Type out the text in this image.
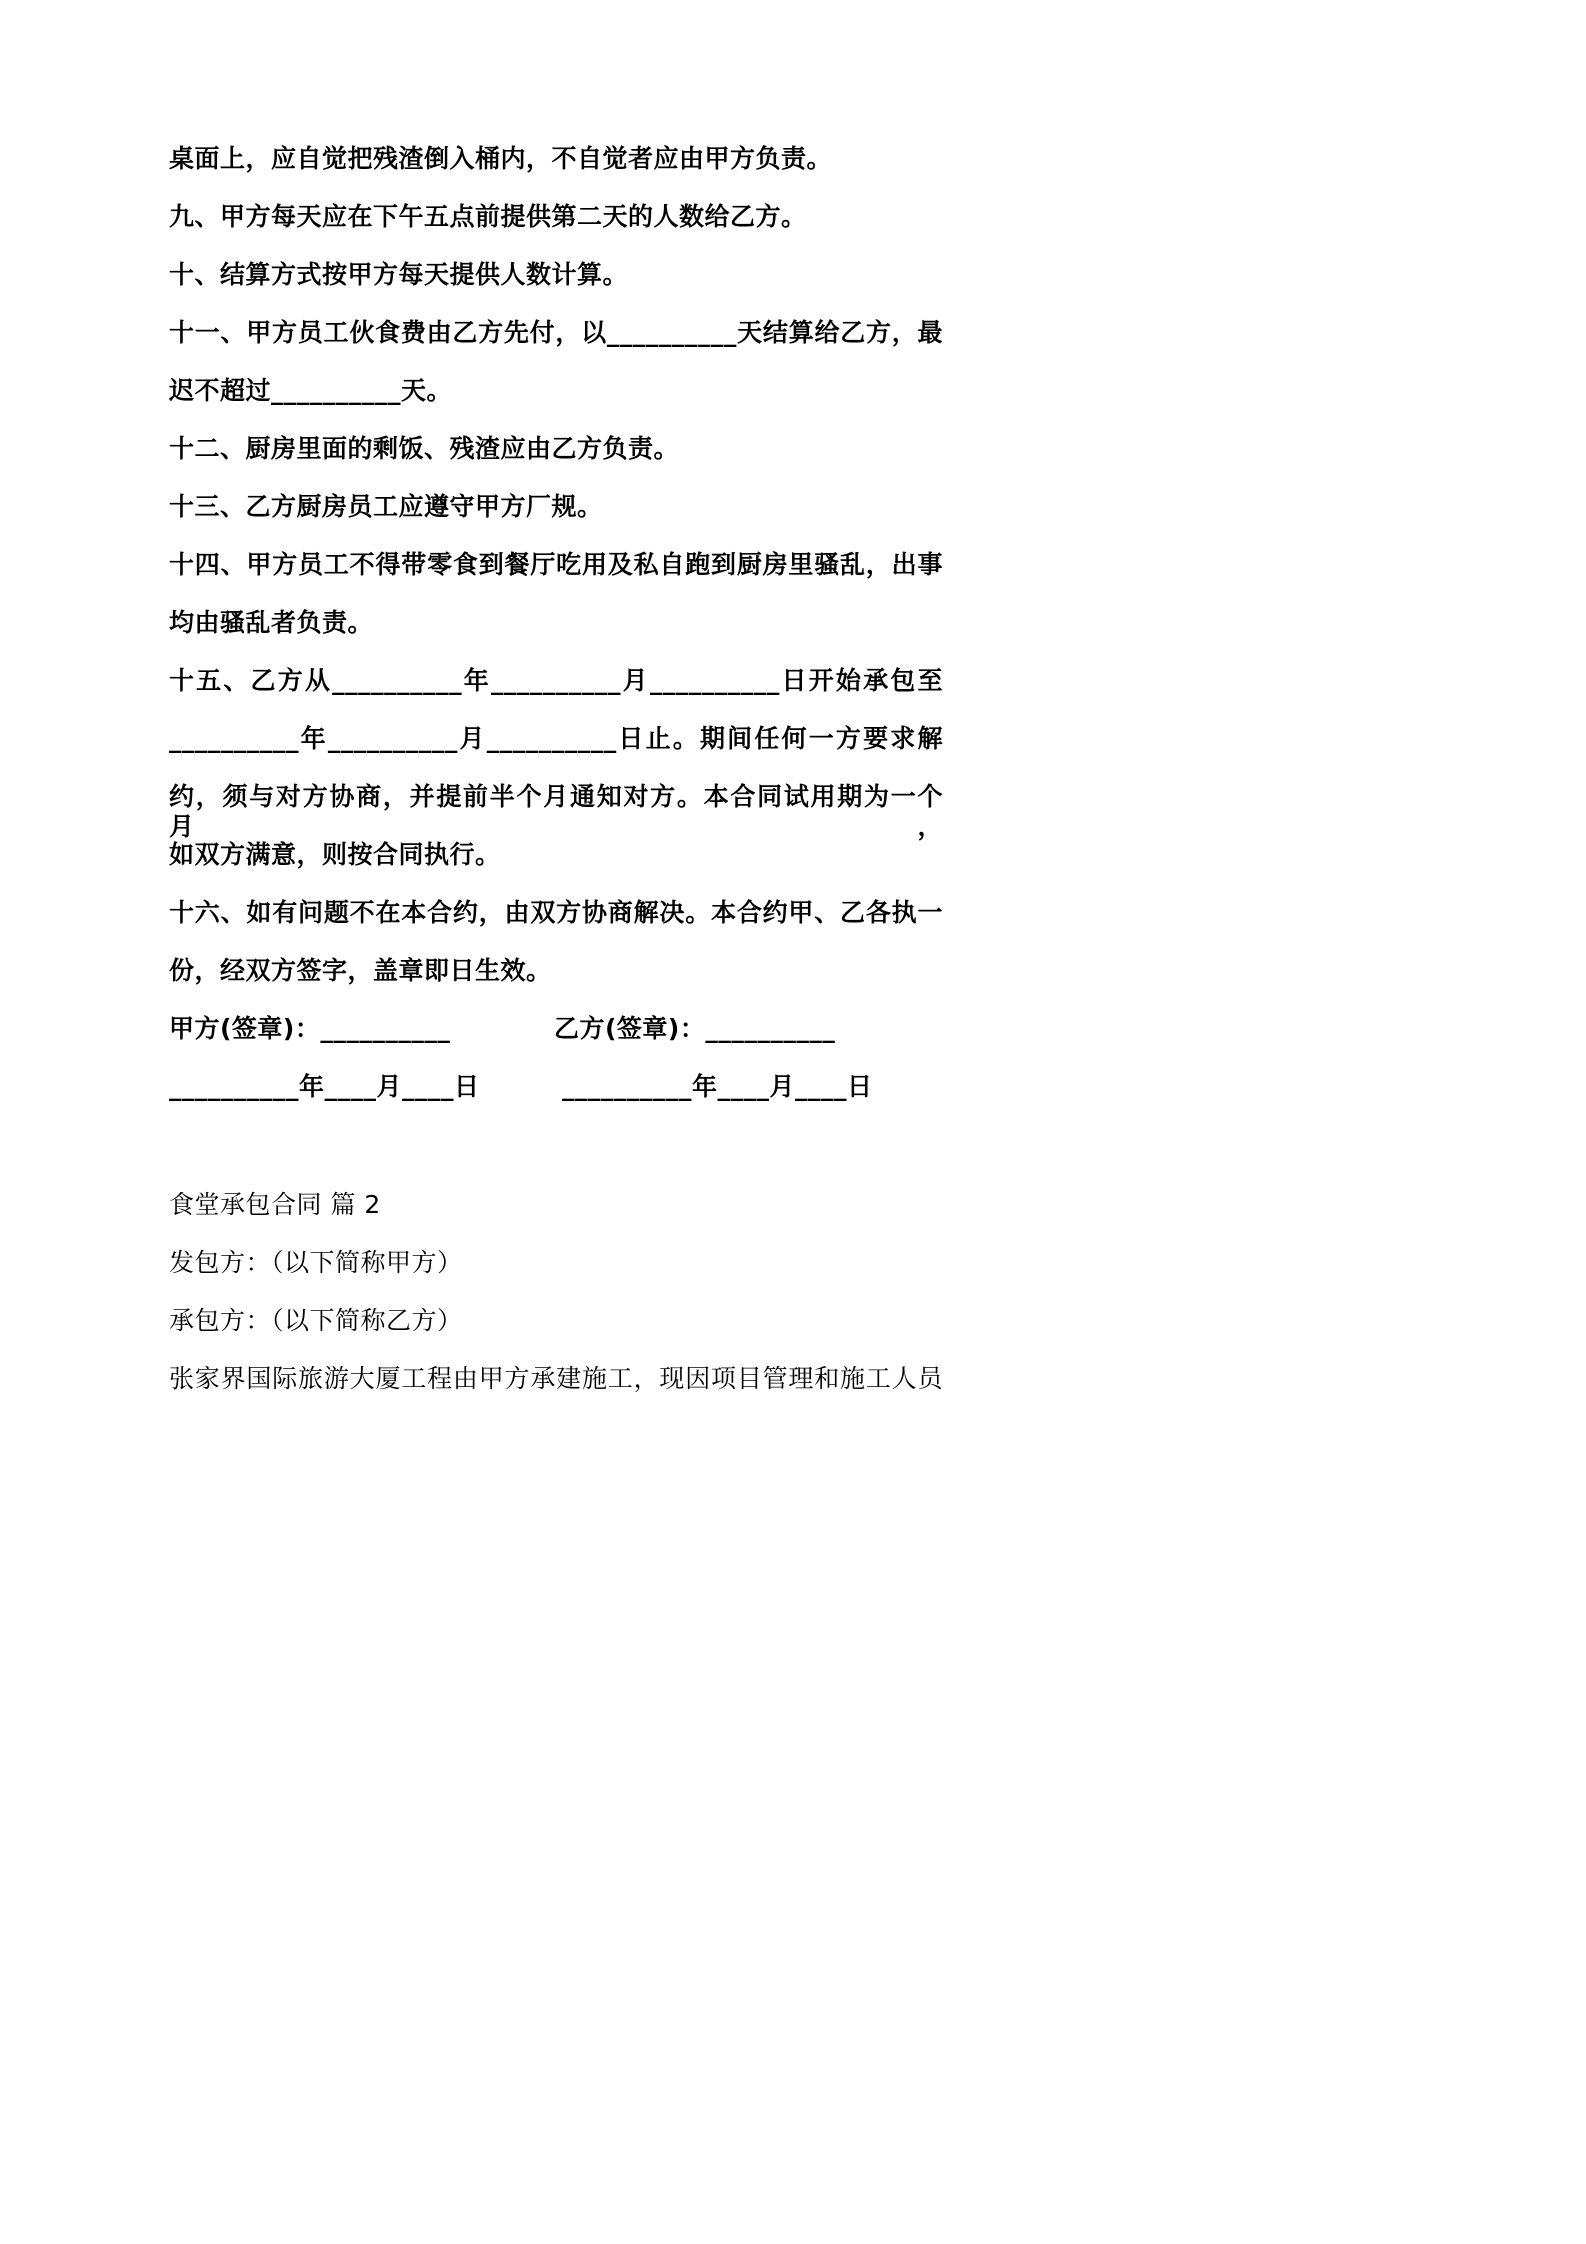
桌面上，应自觉把残渣倒入桶内，不自觉者应由甲方负责。
九、甲方每天应在下午五点前提供第二天的人数给乙方。
十、结算方式按甲方每天提供人数计算。
十一、甲方员工伙食费由乙方先付，以__________天结算给乙方，最
迟不超过__________天。
十二、厨房里面的剩饭、残渣应由乙方负责。
十三、乙方厨房员工应遵守甲方厂规。
十四、甲方员工不得带零食到餐厅吃用及私自跑到厨房里骚乱，出事
均由骚乱者负责。
十五、乙方从__________年__________月__________日开始承包至
__________年__________月__________日止。期间任何一方要求解
约，须与对方协商，并提前半个月通知对方。本合同试用期为一个月，
如双方满意，则按合同执行。
十六、如有问题不在本合约，由双方协商解决。本合约甲、乙各执一
份，经双方签字，盖章即日生效。
甲方(签章)：__________	乙方(签章)：__________
__________年____月____日	__________年____月____日
食堂承包合同 篇 2
发包方：（以下简称甲方）
承包方：（以下简称乙方）
张家界国际旅游大厦工程由甲方承建施工，现因项目管理和施工人员
